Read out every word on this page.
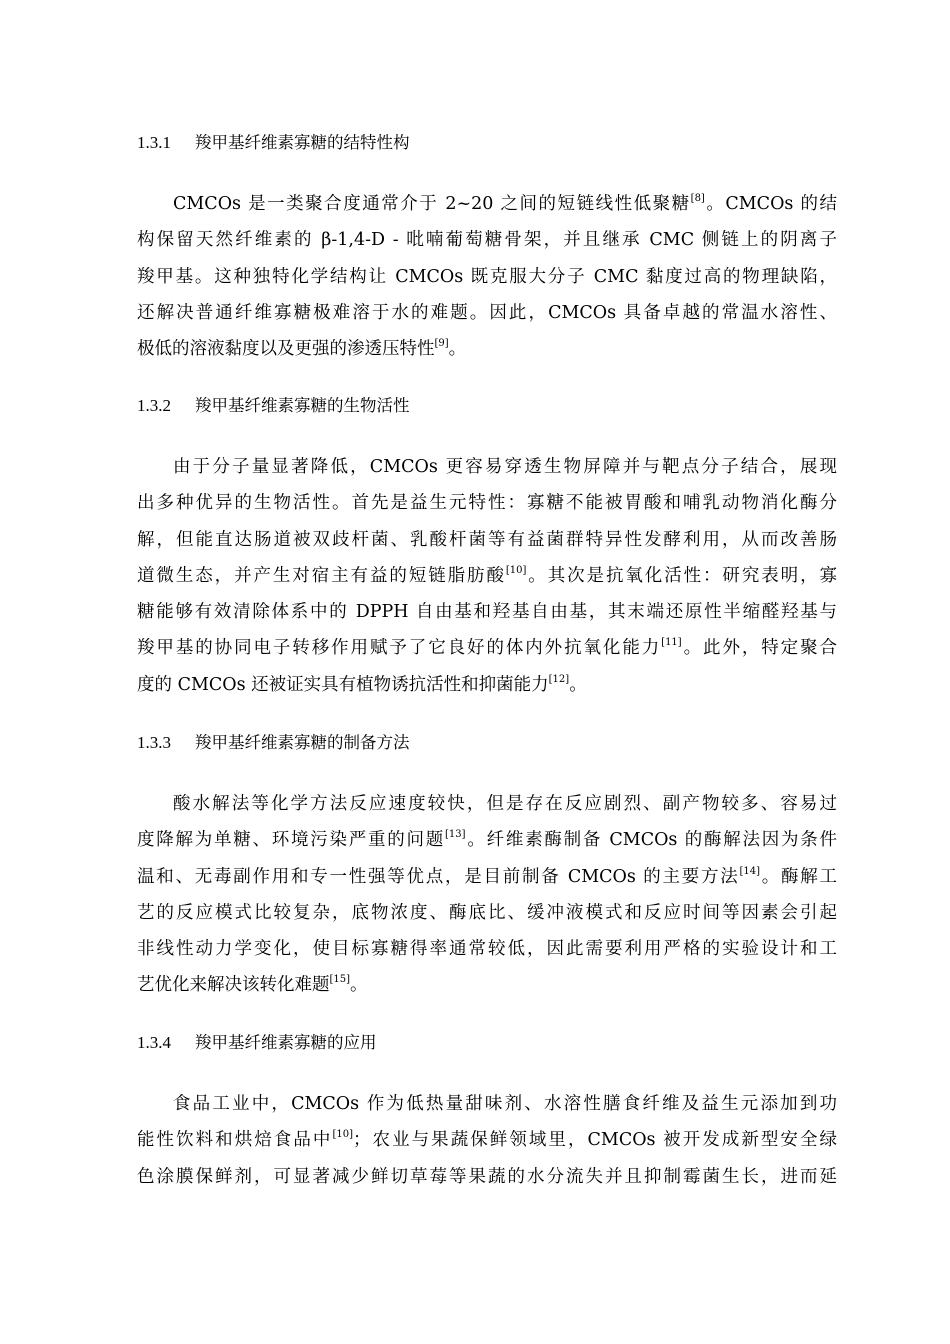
1.3.1 羧甲基纤维素寡糖的结特性构
CMCOs 是一类聚合度通常介于 2~20 之间的短链线性低聚糖[8]。CMCOs 的结
构保留天然纤维素的 β-1,4-D - 吡喃葡萄糖骨架，并且继承 CMC 侧链上的阴离子
羧甲基。这种独特化学结构让 CMCOs 既克服大分子 CMC 黏度过高的物理缺陷，
还解决普通纤维寡糖极难溶于水的难题。因此，CMCOs 具备卓越的常温水溶性、
极低的溶液黏度以及更强的渗透压特性[9]。
1.3.2 羧甲基纤维素寡糖的生物活性
由于分子量显著降低，CMCOs 更容易穿透生物屏障并与靶点分子结合，展现
出多种优异的生物活性。首先是益生元特性：寡糖不能被胃酸和哺乳动物消化酶分
解，但能直达肠道被双歧杆菌、乳酸杆菌等有益菌群特异性发酵利用，从而改善肠
道微生态，并产生对宿主有益的短链脂肪酸[10]。其次是抗氧化活性：研究表明，寡
糖能够有效清除体系中的 DPPH 自由基和羟基自由基，其末端还原性半缩醛羟基与
羧甲基的协同电子转移作用赋予了它良好的体内外抗氧化能力[11]。此外，特定聚合
度的 CMCOs 还被证实具有植物诱抗活性和抑菌能力[12]。
1.3.3 羧甲基纤维素寡糖的制备方法
酸水解法等化学方法反应速度较快，但是存在反应剧烈、副产物较多、容易过
度降解为单糖、环境污染严重的问题[13]。纤维素酶制备 CMCOs 的酶解法因为条件
温和、无毒副作用和专一性强等优点，是目前制备 CMCOs 的主要方法[14]。酶解工
艺的反应模式比较复杂，底物浓度、酶底比、缓冲液模式和反应时间等因素会引起
非线性动力学变化，使目标寡糖得率通常较低，因此需要利用严格的实验设计和工
艺优化来解决该转化难题[15]。
1.3.4 羧甲基纤维素寡糖的应用
食品工业中，CMCOs 作为低热量甜味剂、水溶性膳食纤维及益生元添加到功
能性饮料和烘焙食品中[10]；农业与果蔬保鲜领域里，CMCOs 被开发成新型安全绿
色涂膜保鲜剂，可显著减少鲜切草莓等果蔬的水分流失并且抑制霉菌生长，进而延
